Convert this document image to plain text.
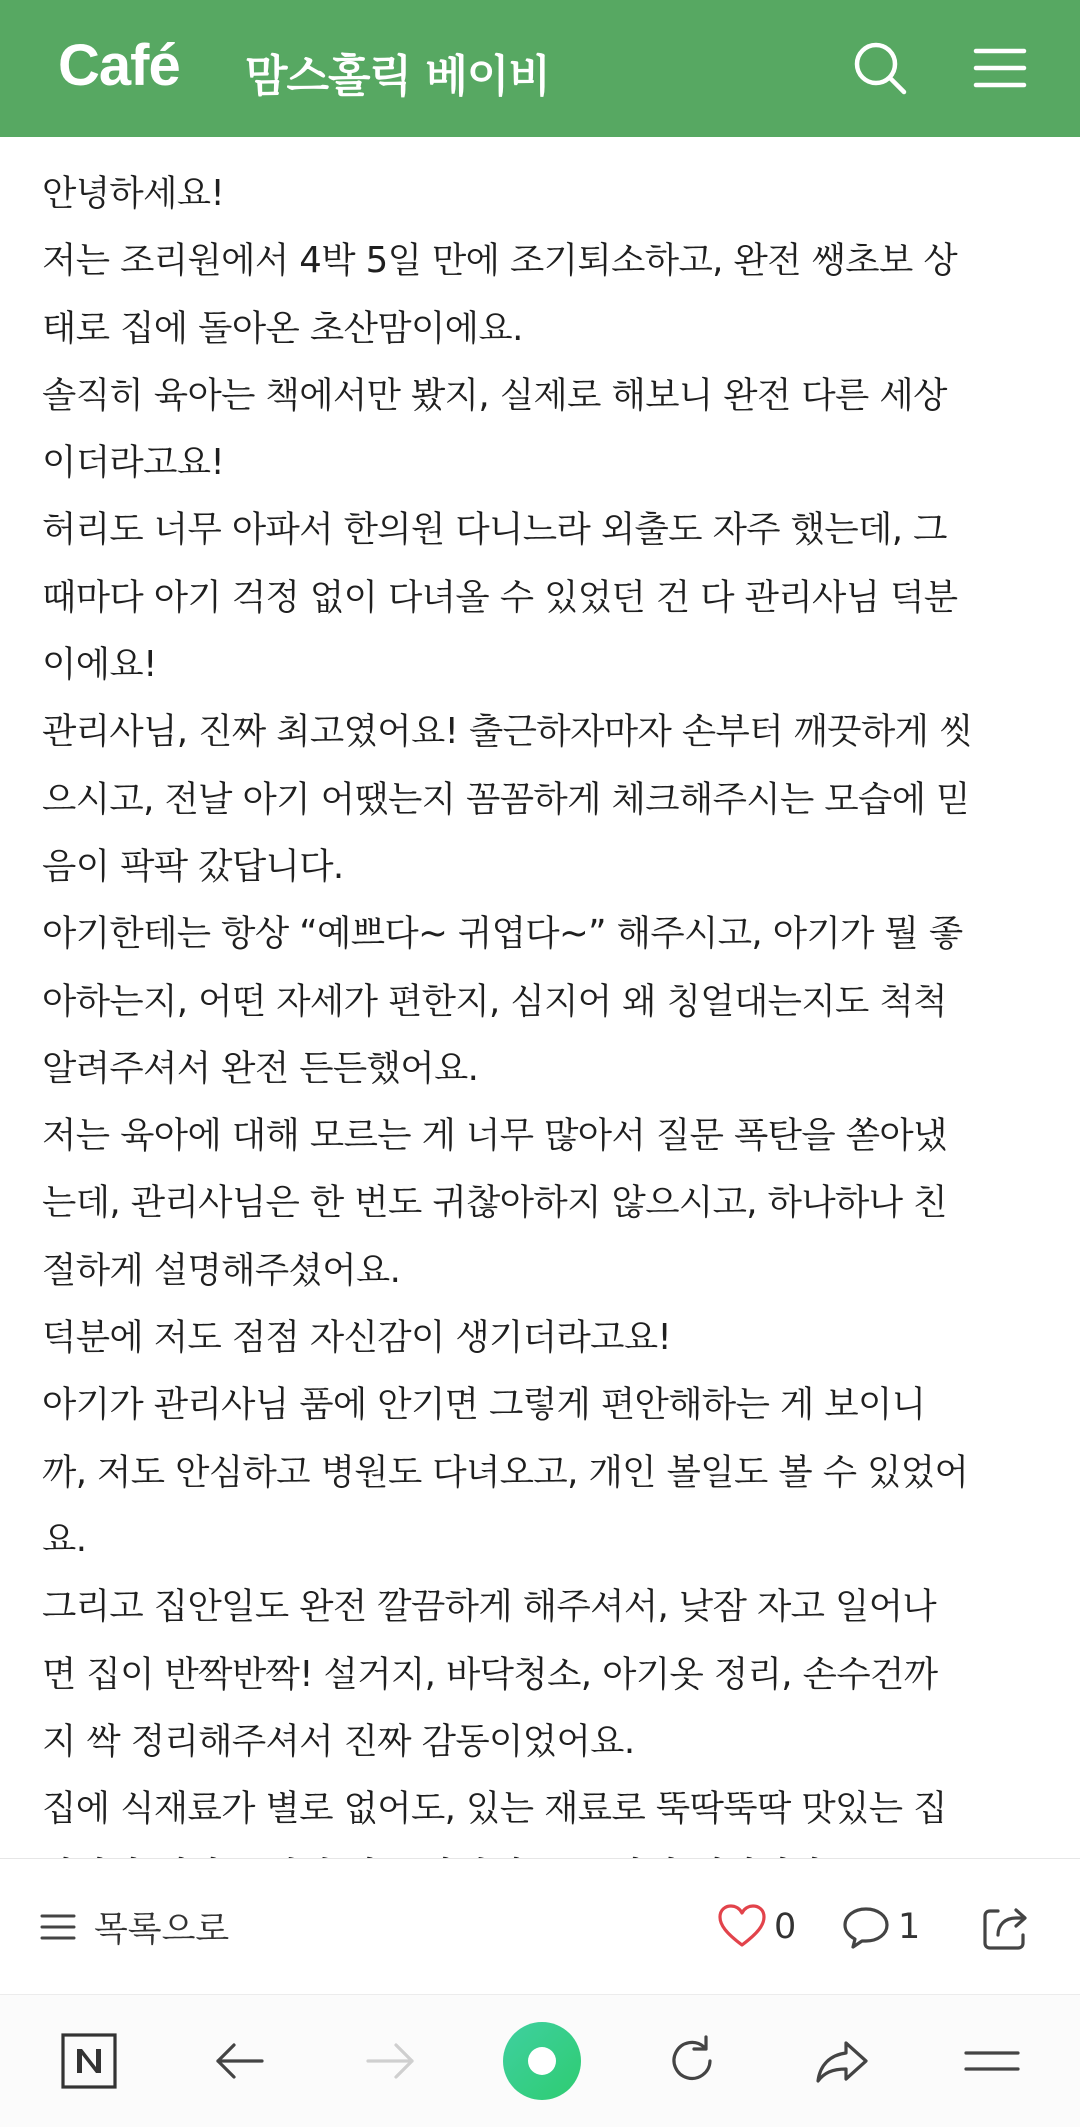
Café 맘스홀릭 베이비

안녕하세요!

저는 조리원에서 4박 5일 만에 조기퇴소하고, 완전 쌩초보 상

태로 집에 돌아온 초산맘이에요.

솔직히 육아는 책에서만 봤지, 실제로 해보니 완전 다른 세상

이더라고요!

허리도 너무 아파서 한의원 다니느라 외출도 자주 했는데, 그

때마다 아기 걱정 없이 다녀올 수 있었던 건 다 관리사님 덕분

이에요!

관리사님, 진짜 최고였어요! 출근하자마자 손부터 깨끗하게 씻

으시고, 전날 아기 어땠는지 꼼꼼하게 체크해주시는 모습에 믿

음이 팍팍 갔답니다.

아기한테는 항상 “예쁘다~ 귀엽다~” 해주시고, 아기가 뭘 좋

아하는지, 어떤 자세가 편한지, 심지어 왜 칭얼대는지도 척척

알려주셔서 완전 든든했어요.

저는 육아에 대해 모르는 게 너무 많아서 질문 폭탄을 쏟아냈

는데, 관리사님은 한 번도 귀찮아하지 않으시고, 하나하나 친

절하게 설명해주셨어요.

덕분에 저도 점점 자신감이 생기더라고요!

아기가 관리사님 품에 안기면 그렇게 편안해하는 게 보이니

까, 저도 안심하고 병원도 다녀오고, 개인 볼일도 볼 수 있었어

요.

그리고 집안일도 완전 깔끔하게 해주셔서, 낮잠 자고 일어나

면 집이 반짝반짝! 설거지, 바닥청소, 아기옷 정리, 손수건까

지 싹 정리해주셔서 진짜 감동이었어요.

집에 식재료가 별로 없어도, 있는 재료로 뚝딱뚝딱 맛있는 집

목록으로	0	1
